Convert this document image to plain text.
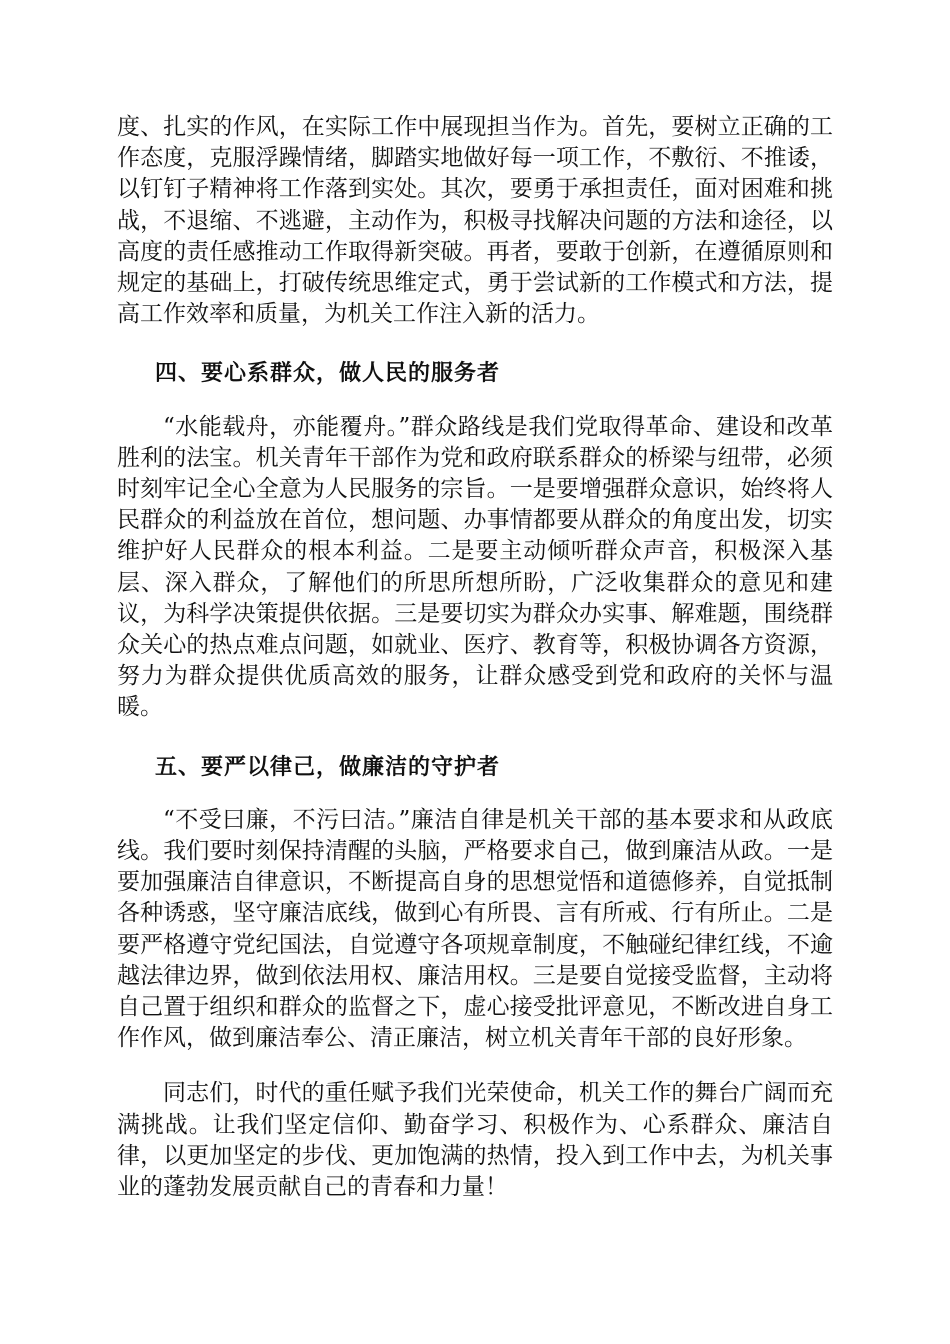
度、扎实的作风，在实际工作中展现担当作为。首先，要树立正确的工作态度，克服浮躁情绪，脚踏实地做好每一项工作，不敷衍、不推诿，以钉钉子精神将工作落到实处。其次，要勇于承担责任，面对困难和挑战，不退缩、不逃避，主动作为，积极寻找解决问题的方法和途径，以高度的责任感推动工作取得新突破。再者，要敢于创新，在遵循原则和规定的基础上，打破传统思维定式，勇于尝试新的工作模式和方法，提高工作效率和质量，为机关工作注入新的活力。

四、要心系群众，做人民的服务者

“水能载舟，亦能覆舟。”群众路线是我们党取得革命、建设和改革胜利的法宝。机关青年干部作为党和政府联系群众的桥梁与纽带，必须时刻牢记全心全意为人民服务的宗旨。一是要增强群众意识，始终将人民群众的利益放在首位，想问题、办事情都要从群众的角度出发，切实维护好人民群众的根本利益。二是要主动倾听群众声音，积极深入基层、深入群众，了解他们的所思所想所盼，广泛收集群众的意见和建议，为科学决策提供依据。三是要切实为群众办实事、解难题，围绕群众关心的热点难点问题，如就业、医疗、教育等，积极协调各方资源，努力为群众提供优质高效的服务，让群众感受到党和政府的关怀与温暖。

五、要严以律己，做廉洁的守护者

“不受曰廉，不污曰洁。”廉洁自律是机关干部的基本要求和从政底线。我们要时刻保持清醒的头脑，严格要求自己，做到廉洁从政。一是要加强廉洁自律意识，不断提高自身的思想觉悟和道德修养，自觉抵制各种诱惑，坚守廉洁底线，做到心有所畏、言有所戒、行有所止。二是要严格遵守党纪国法，自觉遵守各项规章制度，不触碰纪律红线，不逾越法律边界，做到依法用权、廉洁用权。三是要自觉接受监督，主动将自己置于组织和群众的监督之下，虚心接受批评意见，不断改进自身工作作风，做到廉洁奉公、清正廉洁，树立机关青年干部的良好形象。

同志们，时代的重任赋予我们光荣使命，机关工作的舞台广阔而充满挑战。让我们坚定信仰、勤奋学习、积极作为、心系群众、廉洁自律，以更加坚定的步伐、更加饱满的热情，投入到工作中去，为机关事业的蓬勃发展贡献自己的青春和力量！
